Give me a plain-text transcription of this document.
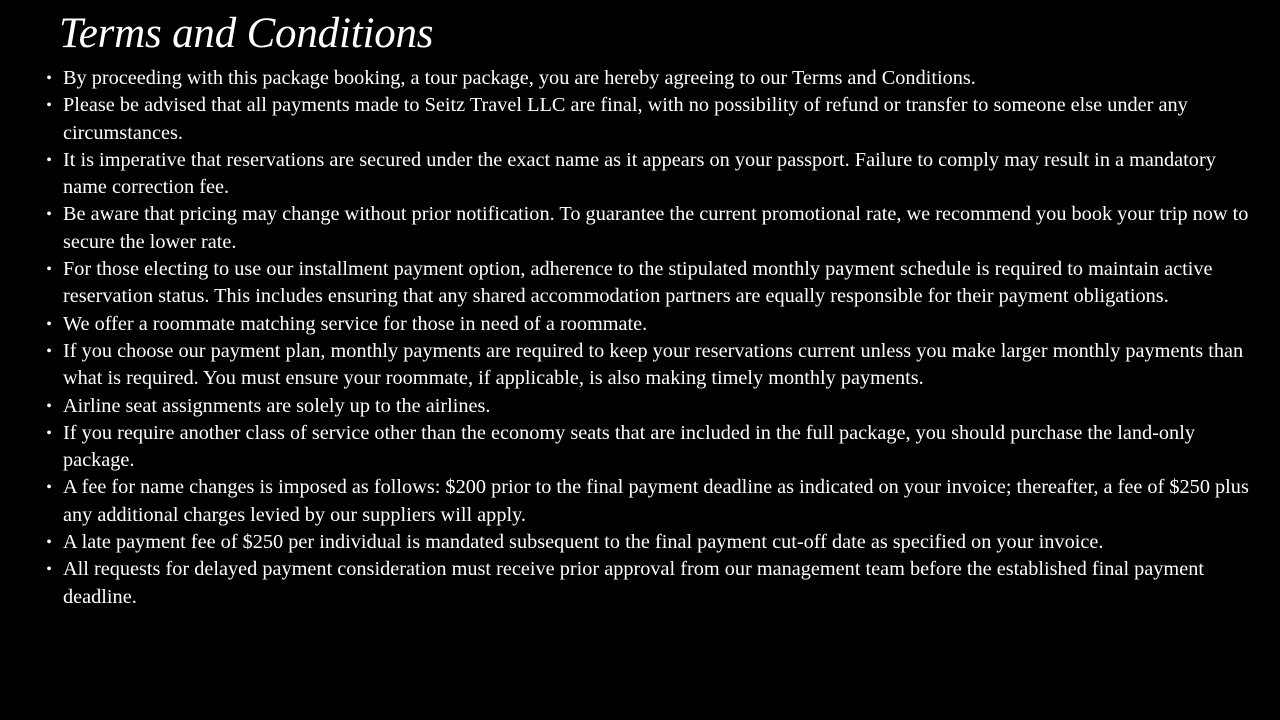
Terms and Conditions
• By proceeding with this package booking, a tour package, you are hereby agreeing to our Terms and Conditions.
• Please be advised that all payments made to Seitz Travel LLC are final, with no possibility of refund or transfer to someone else under any circumstances.
• It is imperative that reservations are secured under the exact name as it appears on your passport. Failure to comply may result in a mandatory name correction fee.
• Be aware that pricing may change without prior notification. To guarantee the current promotional rate, we recommend you book your trip now to secure the lower rate.
• For those electing to use our installment payment option, adherence to the stipulated monthly payment schedule is required to maintain active reservation status. This includes ensuring that any shared accommodation partners are equally responsible for their payment obligations.
• We offer a roommate matching service for those in need of a roommate.
• If you choose our payment plan, monthly payments are required to keep your reservations current unless you make larger monthly payments than what is required. You must ensure your roommate, if applicable, is also making timely monthly payments.
• Airline seat assignments are solely up to the airlines.
• If you require another class of service other than the economy seats that are included in the full package, you should purchase the land-only package.
• A fee for name changes is imposed as follows: $200 prior to the final payment deadline as indicated on your invoice; thereafter, a fee of $250 plus any additional charges levied by our suppliers will apply.
• A late payment fee of $250 per individual is mandated subsequent to the final payment cut-off date as specified on your invoice.
• All requests for delayed payment consideration must receive prior approval from our management team before the established final payment deadline.
